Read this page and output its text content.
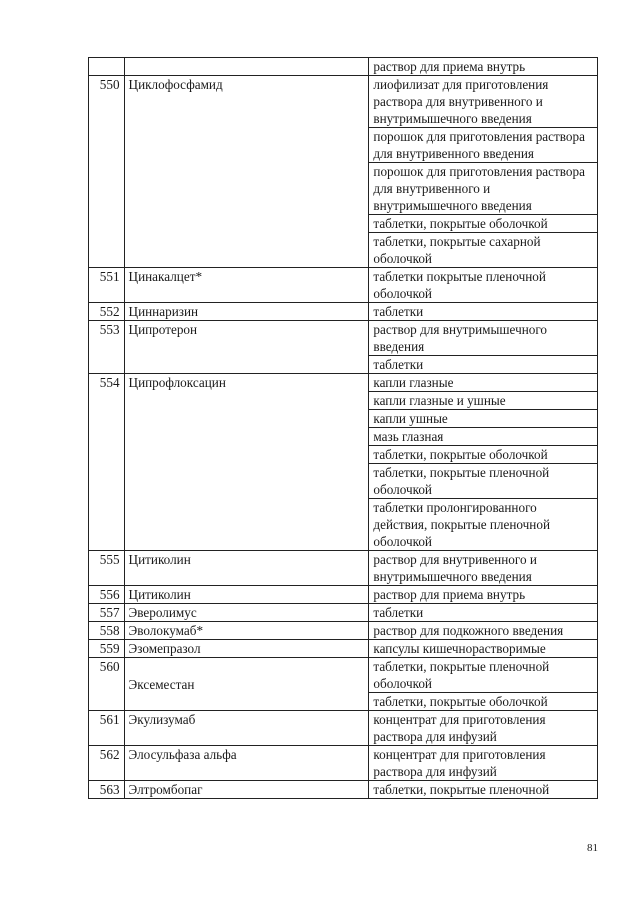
		раствор для приема внутрь
550	Циклофосфамид	лиофилизат для приготовления раствора для внутривенного и внутримышечного введения
		порошок для приготовления раствора для внутривенного введения
		порошок для приготовления раствора для внутривенного и внутримышечного введения
		таблетки, покрытые оболочкой
		таблетки, покрытые сахарной оболочкой
551	Цинакалцет*	таблетки покрытые пленочной оболочкой
552	Циннаризин	таблетки
553	Ципротерон	раствор для внутримышечного введения
		таблетки
554	Ципрофлоксацин	капли глазные
		капли глазные и ушные
		капли ушные
		мазь глазная
		таблетки, покрытые оболочкой
		таблетки, покрытые пленочной оболочкой
		таблетки пролонгированного действия, покрытые пленочной оболочкой
555	Цитиколин	раствор для внутривенного и внутримышечного введения
556	Цитиколин	раствор для приема внутрь
557	Эверолимус	таблетки
558	Эволокумаб*	раствор для подкожного введения
559	Эзомепразол	капсулы кишечнорастворимые
560	Эксеместан	таблетки, покрытые пленочной оболочкой
		таблетки, покрытые оболочкой
561	Экулизумаб	концентрат для приготовления раствора для инфузий
562	Элосульфаза альфа	концентрат для приготовления раствора для инфузий
563	Элтромбопаг	таблетки, покрытые пленочной
81
